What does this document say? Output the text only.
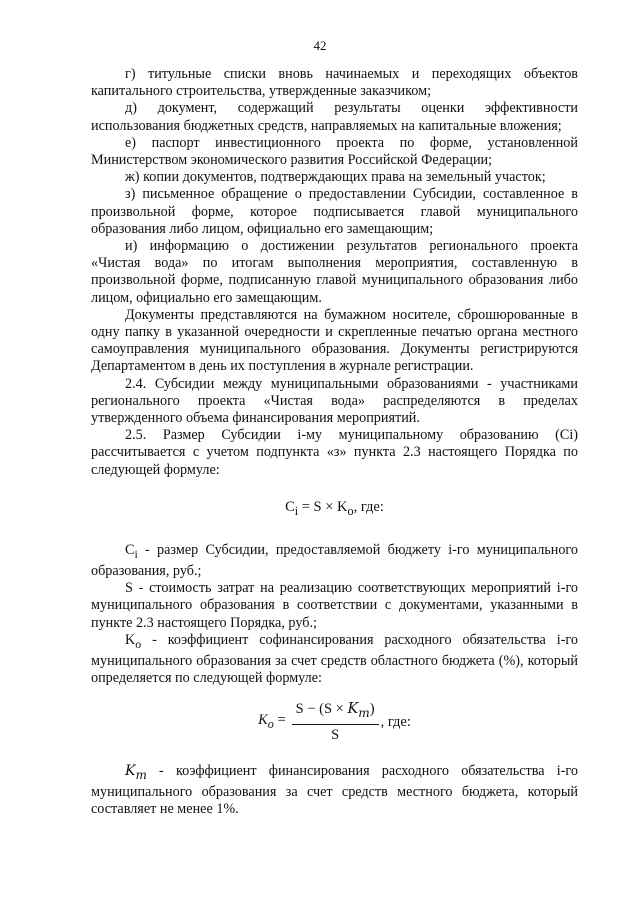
42

г) титульные списки вновь начинаемых и переходящих объектов капитального строительства, утвержденные заказчиком;

д) документ, содержащий результаты оценки эффективности использования бюджетных средств, направляемых на капитальные вложения;

е) паспорт инвестиционного проекта по форме, установленной Министерством экономического развития Российской Федерации;

ж) копии документов, подтверждающих права на земельный участок;

з) письменное обращение о предоставлении Субсидии, составленное в произвольной форме, которое подписывается главой муниципального образования либо лицом, официально его замещающим;

и) информацию о достижении результатов регионального проекта «Чистая вода» по итогам выполнения мероприятия, составленную в произвольной форме, подписанную главой муниципального образования либо лицом, официально его замещающим.

Документы представляются на бумажном носителе, сброшюрованные в одну папку в указанной очередности и скрепленные печатью органа местного самоуправления муниципального образования. Документы регистрируются Департаментом в день их поступления в журнале регистрации.

2.4. Субсидии между муниципальными образованиями - участниками регионального проекта «Чистая вода» распределяются в пределах утвержденного объема финансирования мероприятий.

2.5. Размер Субсидии i-му муниципальному образованию (Ci) рассчитывается с учетом подпункта «з» пункта 2.3 настоящего Порядка по следующей формуле:

$C_i = S \times K_o$, где:

$C_i$ - размер Субсидии, предоставляемой бюджету i-го муниципального образования, руб.;

S - стоимость затрат на реализацию соответствующих мероприятий i-го муниципального образования в соответствии с документами, указанными в пункте 2.3 настоящего Порядка, руб.;

$K_o$ - коэффициент софинансирования расходного обязательства i-го муниципального образования за счет средств областного бюджета (%), который определяется по следующей формуле:

$K_o = \frac{S - (S \times K_m)}{S}$ , где:

$K_m$ - коэффициент финансирования расходного обязательства i-го муниципального образования за счет средств местного бюджета, который составляет не менее 1%.
